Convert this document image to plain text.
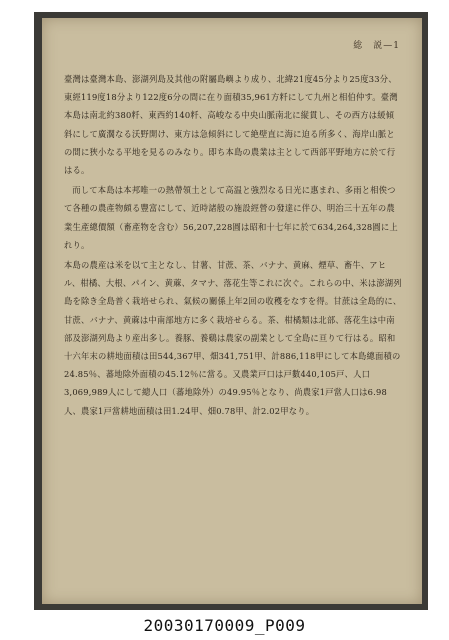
総　説—1

臺灣は臺灣本島、澎湖列島及其他の附屬島嶼より成り、北緯21度45分より25度33分、東經119度18分より122度6分の間に在り面積35,961方粁にして九州と相伯仲す。臺灣本島は南北約380粁、東西約140粁、高峻なる中央山脈南北に縦貫し、その西方は緩傾斜にして廣濶なる沃野開け、東方は急傾斜にして絶壁直に海に迫る所多く、海岸山脈との間に狹小なる平地を見るのみなり。即ち本島の農業は主として西部平野地方に於て行はる。

而して本島は本邦唯一の熱帶領土として高温と強烈なる日光に惠まれ、多雨と相俟つて各種の農產物頗る豐富にして、近時諸般の施設經營の發達に伴ひ、明治三十五年の農業生產總價額（畜產物を含む）56,207,228圓は昭和十七年に於て634,264,328圓に上れり。

本島の農産は米を以て主となし、甘薯、甘蔗、茶、バナナ、黄麻、煙草、畜牛、アヒル、柑橘、大根、パイン、黄蔴、タマナ、落花生等これに次ぐ。これらの中、米は澎湖列島を除き全島普く栽培せられ、氣候の關係上年2回の收穫をなすを得。甘蔗は全島的に、甘蔗、バナナ、黄蔴は中南部地方に多く栽培せらる。茶、柑橘類は北部、落花生は中南部及澎湖列島より産出多し。養豚、養鷄は農家の副業として全島に亘りて行はる。昭和十六年末の耕地面積は田544,367甲、畑341,751甲、計886,118甲にして本島總面積の24.85％、蕃地除外面積の45.12％に當る。又農業戸口は戸數440,105戸、人口3,069,989人にして總人口（蕃地除外）の49.95％となり、尚農家1戸當人口は6.98人、農家1戸當耕地面積は田1.24甲、畑0.78甲、計2.02甲なり。

20030170009_P009
